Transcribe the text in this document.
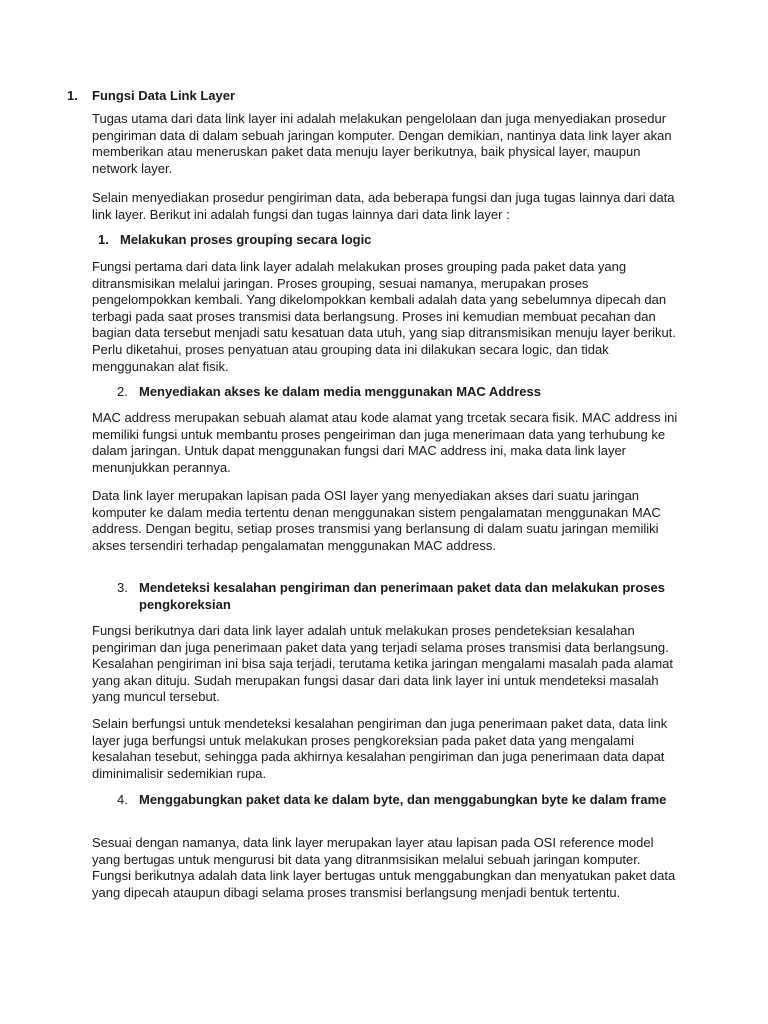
1. Fungsi Data Link Layer

Tugas utama dari data link layer ini adalah melakukan pengelolaan dan juga menyediakan prosedur pengiriman data di dalam sebuah jaringan komputer. Dengan demikian, nantinya data link layer akan memberikan atau meneruskan paket data menuju layer berikutnya, baik physical layer, maupun network layer.

Selain menyediakan prosedur pengiriman data, ada beberapa fungsi dan juga tugas lainnya dari data link layer. Berikut ini adalah fungsi dan tugas lainnya dari data link layer :

1. Melakukan proses grouping secara logic

Fungsi pertama dari data link layer adalah melakukan proses grouping pada paket data yang ditransmisikan melalui jaringan. Proses grouping, sesuai namanya, merupakan proses pengelompokkan kembali. Yang dikelompokkan kembali adalah data yang sebelumnya dipecah dan terbagi pada saat proses transmisi data berlangsung. Proses ini kemudian membuat pecahan dan bagian data tersebut menjadi satu kesatuan data utuh, yang siap ditransmisikan menuju layer berikut. Perlu diketahui, proses penyatuan atau grouping data ini dilakukan secara logic, dan tidak menggunakan alat fisik.

2. Menyediakan akses ke dalam media menggunakan MAC Address

MAC address merupakan sebuah alamat atau kode alamat yang trcetak secara fisik. MAC address ini memiliki fungsi untuk membantu proses pengeiriman dan juga menerimaan data yang terhubung ke dalam jaringan. Untuk dapat menggunakan fungsi dari MAC address ini, maka data link layer menunjukkan perannya.

Data link layer merupakan lapisan pada OSI layer yang menyediakan akses dari suatu jaringan komputer ke dalam media tertentu denan menggunakan sistem pengalamatan menggunakan MAC address. Dengan begitu, setiap proses transmisi yang berlansung di dalam suatu jaringan memiliki akses tersendiri terhadap pengalamatan menggunakan MAC address.

3. Mendeteksi kesalahan pengiriman dan penerimaan paket data dan melakukan proses pengkoreksian

Fungsi berikutnya dari data link layer adalah untuk melakukan proses pendeteksian kesalahan pengiriman dan juga penerimaan paket data yang terjadi selama proses transmisi data berlangsung. Kesalahan pengiriman ini bisa saja terjadi, terutama ketika jaringan mengalami masalah pada alamat yang akan dituju. Sudah merupakan fungsi dasar dari data link layer ini untuk mendeteksi masalah yang muncul tersebut.

Selain berfungsi untuk mendeteksi kesalahan pengiriman dan juga penerimaan paket data, data link layer juga berfungsi untuk melakukan proses pengkoreksian pada paket data yang mengalami kesalahan tesebut, sehingga pada akhirnya kesalahan pengiriman dan juga penerimaan data dapat diminimalisir sedemikian rupa.

4. Menggabungkan paket data ke dalam byte, dan menggabungkan byte ke dalam frame

Sesuai dengan namanya, data link layer merupakan layer atau lapisan pada OSI reference model yang bertugas untuk mengurusi bit data yang ditranmsisikan melalui sebuah jaringan komputer. Fungsi berikutnya adalah data link layer bertugas untuk menggabungkan dan menyatukan paket data yang dipecah ataupun dibagi selama proses transmisi berlangsung menjadi bentuk tertentu.
